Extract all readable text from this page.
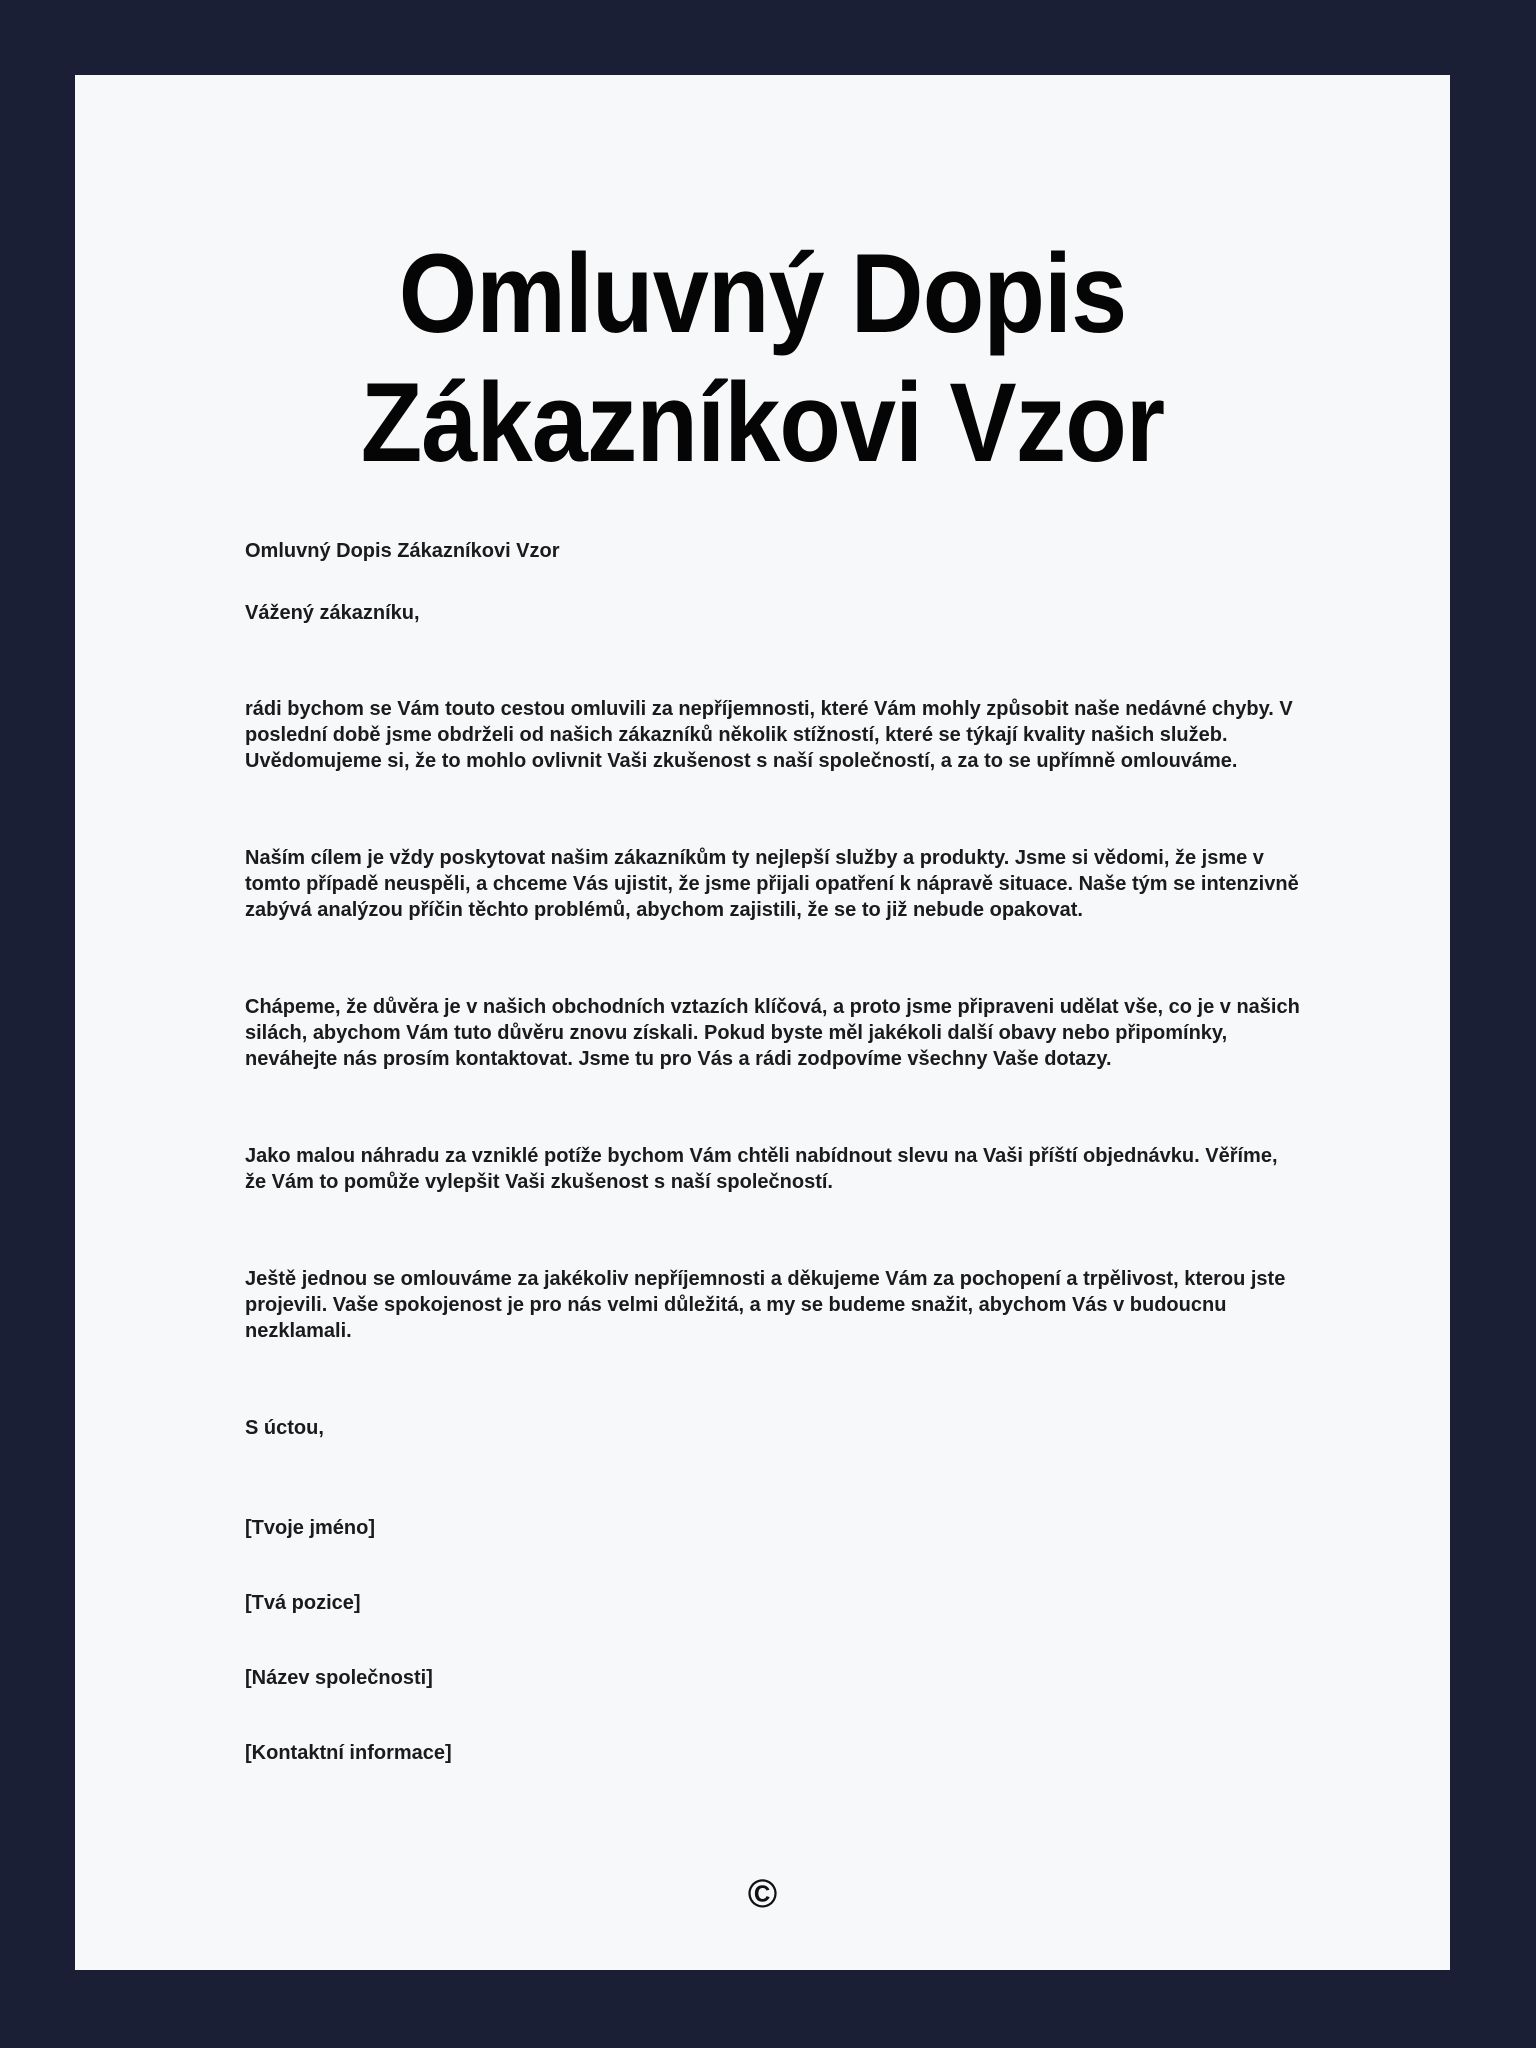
Omluvný Dopis Zákazníkovi Vzor

Omluvný Dopis Zákazníkovi Vzor

Vážený zákazníku,

rádi bychom se Vám touto cestou omluvili za nepříjemnosti, které Vám mohly způsobit naše nedávné chyby. V poslední době jsme obdrželi od našich zákazníků několik stížností, které se týkají kvality našich služeb. Uvědomujeme si, že to mohlo ovlivnit Vaši zkušenost s naší společností, a za to se upřímně omlouváme.

Naším cílem je vždy poskytovat našim zákazníkům ty nejlepší služby a produkty. Jsme si vědomi, že jsme v tomto případě neuspěli, a chceme Vás ujistit, že jsme přijali opatření k nápravě situace. Naše tým se intenzivně zabývá analýzou příčin těchto problémů, abychom zajistili, že se to již nebude opakovat.

Chápeme, že důvěra je v našich obchodních vztazích klíčová, a proto jsme připraveni udělat vše, co je v našich silách, abychom Vám tuto důvěru znovu získali. Pokud byste měl jakékoli další obavy nebo připomínky, neváhejte nás prosím kontaktovat. Jsme tu pro Vás a rádi zodpovíme všechny Vaše dotazy.

Jako malou náhradu za vzniklé potíže bychom Vám chtěli nabídnout slevu na Vaši příští objednávku. Věříme, že Vám to pomůže vylepšit Vaši zkušenost s naší společností.

Ještě jednou se omlouváme za jakékoliv nepříjemnosti a děkujeme Vám za pochopení a trpělivost, kterou jste projevili. Vaše spokojenost je pro nás velmi důležitá, a my se budeme snažit, abychom Vás v budoucnu nezklamali.

S úctou,

[Tvoje jméno]

[Tvá pozice]

[Název společnosti]

[Kontaktní informace]

©
